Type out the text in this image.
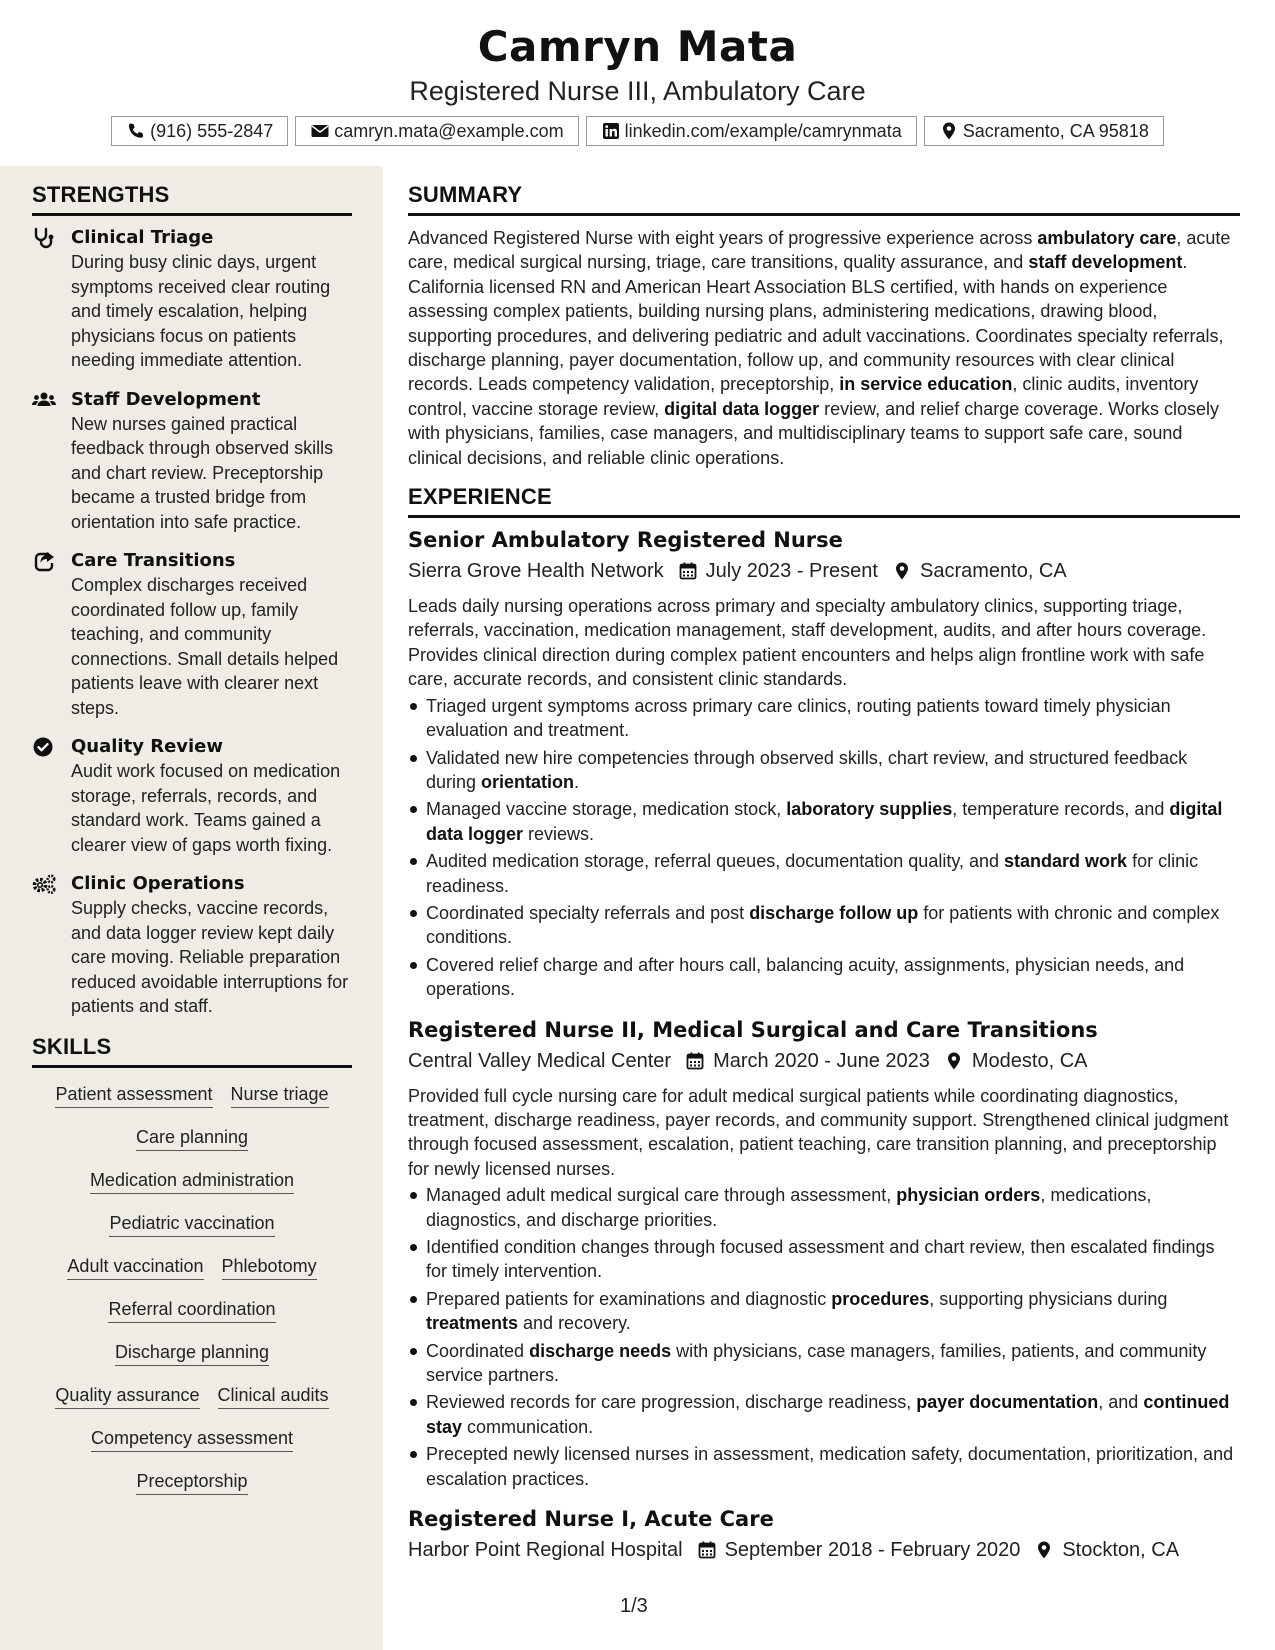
Camryn Mata
Registered Nurse III, Ambulatory Care
(916) 555-2847	camryn.mata@example.com	linkedin.com/example/camrynmata	Sacramento, CA 95818
STRENGTHS
Clinical Triage
During busy clinic days, urgent symptoms received clear routing and timely escalation, helping physicians focus on patients needing immediate attention.
Staff Development
New nurses gained practical feedback through observed skills and chart review. Preceptorship became a trusted bridge from orientation into safe practice.
Care Transitions
Complex discharges received coordinated follow up, family teaching, and community connections. Small details helped patients leave with clearer next steps.
Quality Review
Audit work focused on medication storage, referrals, records, and standard work. Teams gained a clearer view of gaps worth fixing.
Clinic Operations
Supply checks, vaccine records, and data logger review kept daily care moving. Reliable preparation reduced avoidable interruptions for patients and staff.
SKILLS
Patient assessment Nurse triage
Care planning
Medication administration
Pediatric vaccination
Adult vaccination Phlebotomy
Referral coordination
Discharge planning
Quality assurance Clinical audits
Competency assessment
Preceptorship
SUMMARY
Advanced Registered Nurse with eight years of progressive experience across ambulatory care, acute care, medical surgical nursing, triage, care transitions, quality assurance, and staff development. California licensed RN and American Heart Association BLS certified, with hands on experience assessing complex patients, building nursing plans, administering medications, drawing blood, supporting procedures, and delivering pediatric and adult vaccinations. Coordinates specialty referrals, discharge planning, payer documentation, follow up, and community resources with clear clinical records. Leads competency validation, preceptorship, in service education, clinic audits, inventory control, vaccine storage review, digital data logger review, and relief charge coverage. Works closely with physicians, families, case managers, and multidisciplinary teams to support safe care, sound clinical decisions, and reliable clinic operations.
EXPERIENCE
Senior Ambulatory Registered Nurse
Sierra Grove Health Network July 2023 - Present Sacramento, CA
Leads daily nursing operations across primary and specialty ambulatory clinics, supporting triage, referrals, vaccination, medication management, staff development, audits, and after hours coverage. Provides clinical direction during complex patient encounters and helps align frontline work with safe care, accurate records, and consistent clinic standards.
Triaged urgent symptoms across primary care clinics, routing patients toward timely physician evaluation and treatment.
Validated new hire competencies through observed skills, chart review, and structured feedback during orientation.
Managed vaccine storage, medication stock, laboratory supplies, temperature records, and digital data logger reviews.
Audited medication storage, referral queues, documentation quality, and standard work for clinic readiness.
Coordinated specialty referrals and post discharge follow up for patients with chronic and complex conditions.
Covered relief charge and after hours call, balancing acuity, assignments, physician needs, and operations.
Registered Nurse II, Medical Surgical and Care Transitions
Central Valley Medical Center March 2020 - June 2023 Modesto, CA
Provided full cycle nursing care for adult medical surgical patients while coordinating diagnostics, treatment, discharge readiness, payer records, and community support. Strengthened clinical judgment through focused assessment, escalation, patient teaching, care transition planning, and preceptorship for newly licensed nurses.
Managed adult medical surgical care through assessment, physician orders, medications, diagnostics, and discharge priorities.
Identified condition changes through focused assessment and chart review, then escalated findings for timely intervention.
Prepared patients for examinations and diagnostic procedures, supporting physicians during treatments and recovery.
Coordinated discharge needs with physicians, case managers, families, patients, and community service partners.
Reviewed records for care progression, discharge readiness, payer documentation, and continued stay communication.
Precepted newly licensed nurses in assessment, medication safety, documentation, prioritization, and escalation practices.
Registered Nurse I, Acute Care
Harbor Point Regional Hospital September 2018 - February 2020 Stockton, CA
1/3
